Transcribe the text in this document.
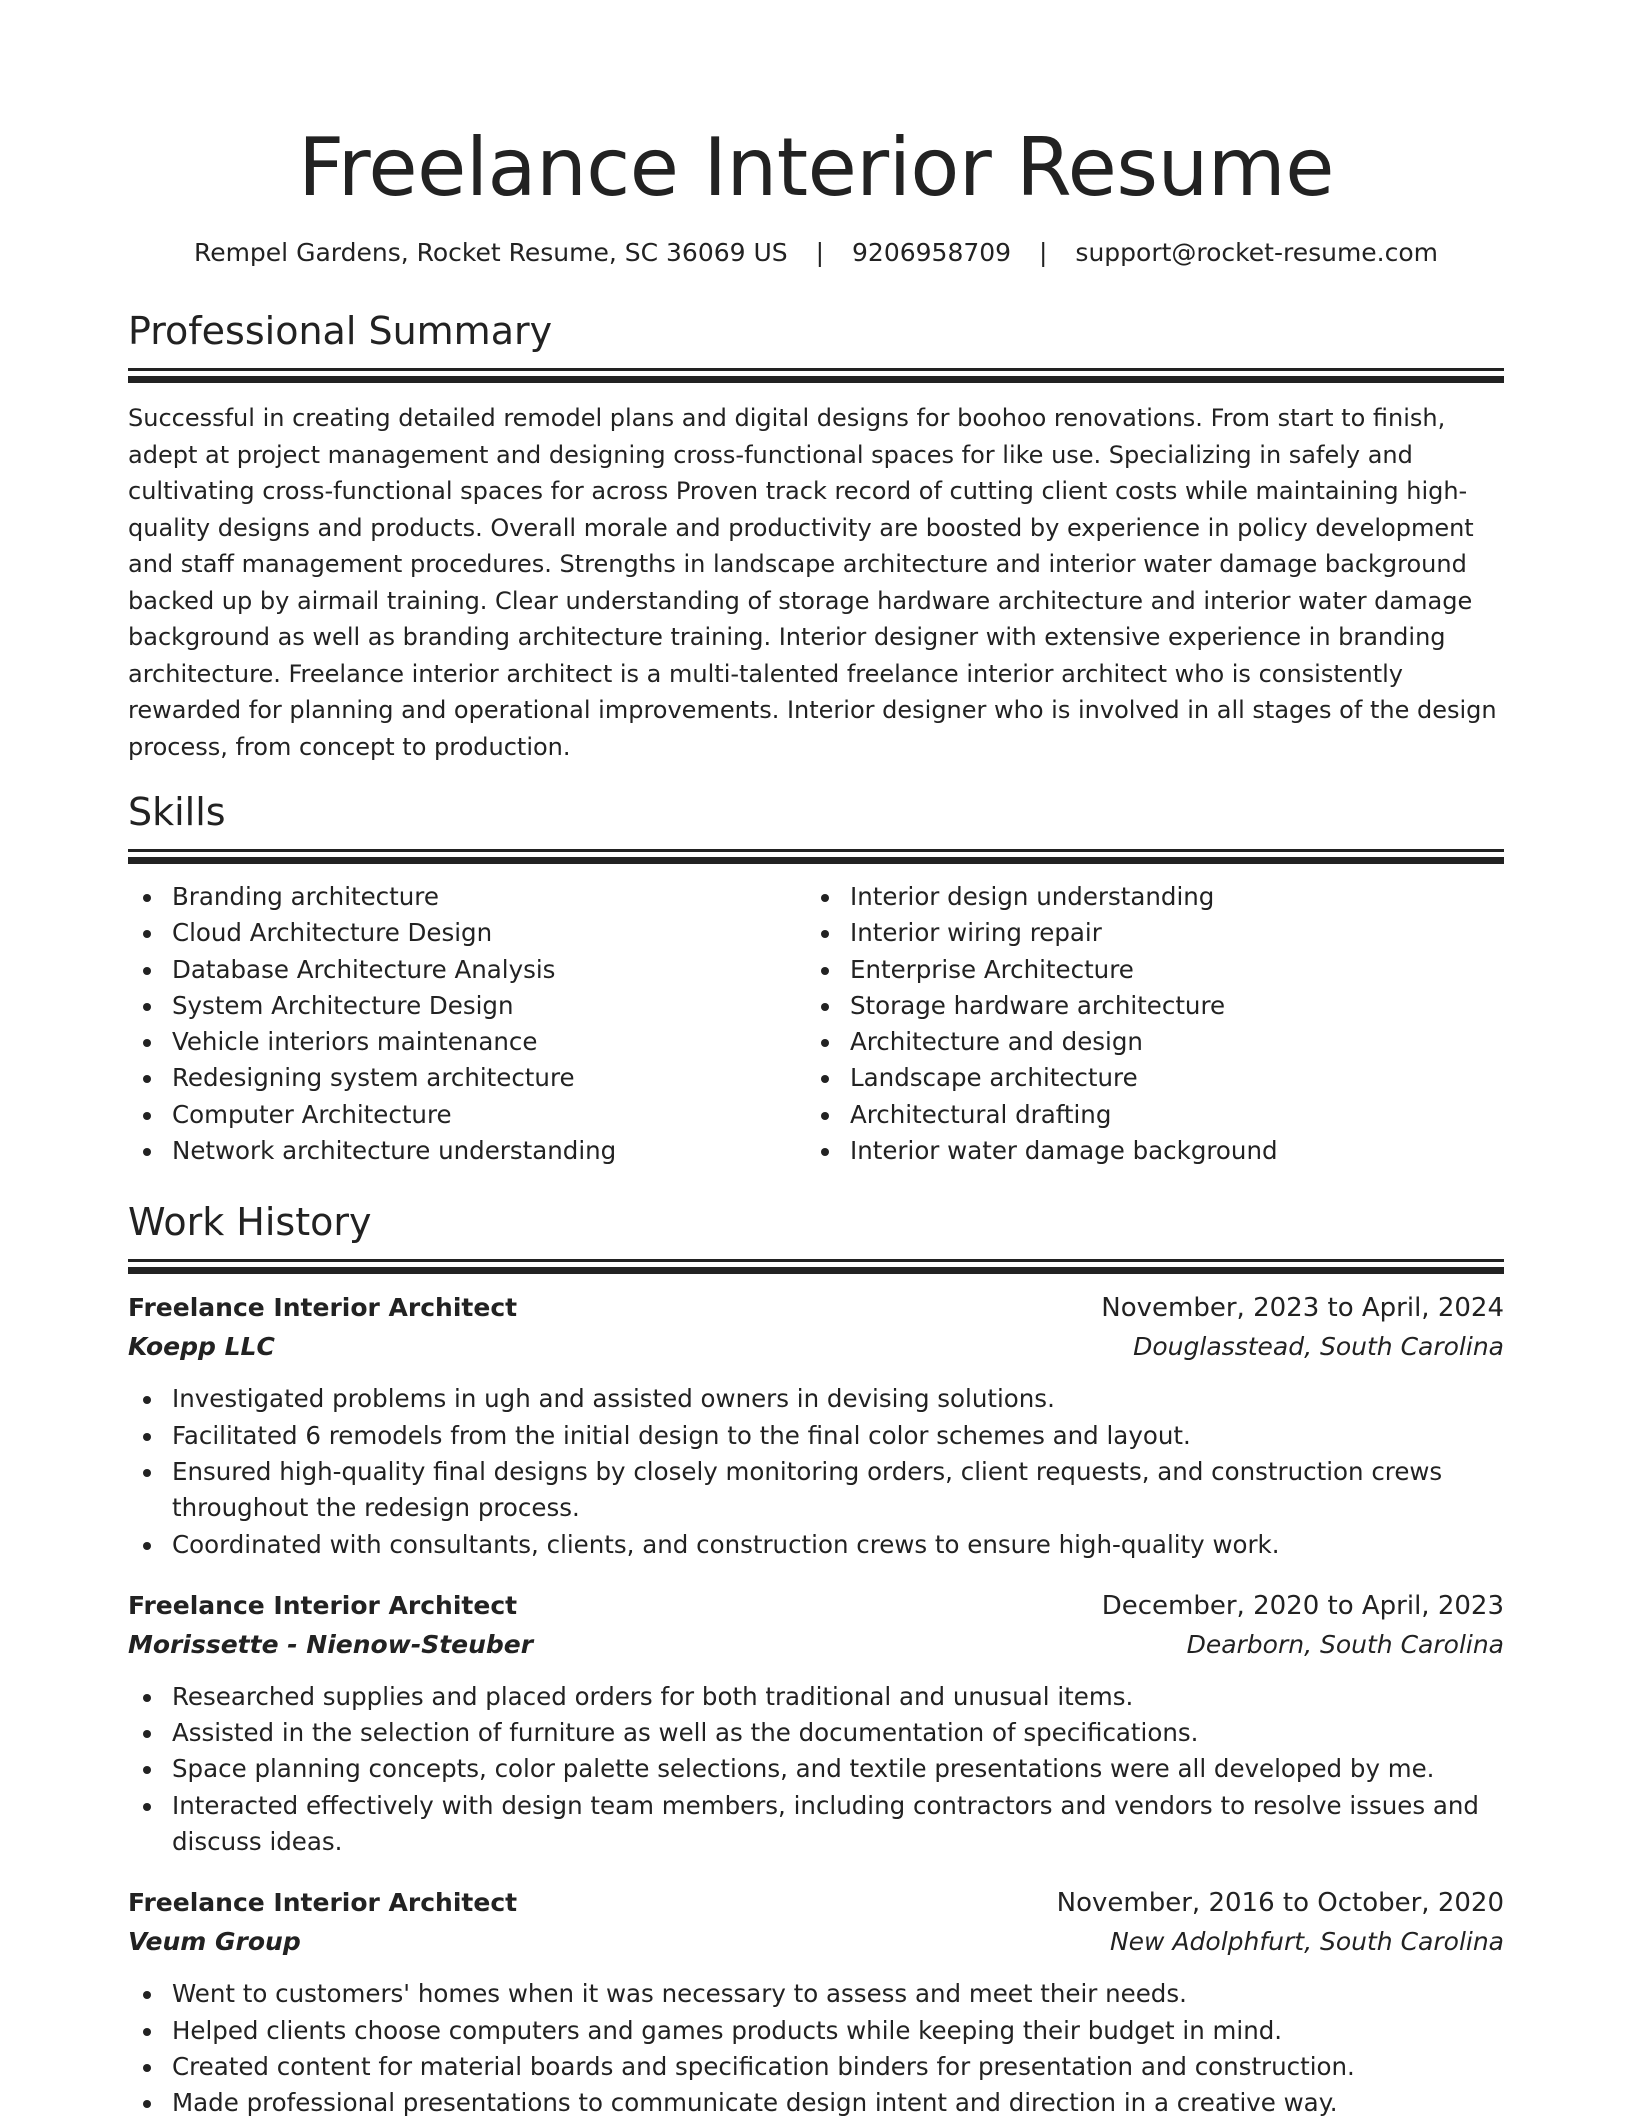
Freelance Interior Resume
Rempel Gardens, Rocket Resume, SC 36069 US | 9206958709 | support@rocket-resume.com
Professional Summary
Successful in creating detailed remodel plans and digital designs for boohoo renovations. From start to finish, adept at project management and designing cross-functional spaces for like use. Specializing in safely and cultivating cross-functional spaces for across Proven track record of cutting client costs while maintaining high-quality designs and products. Overall morale and productivity are boosted by experience in policy development and staff management procedures. Strengths in landscape architecture and interior water damage background backed up by airmail training. Clear understanding of storage hardware architecture and interior water damage background as well as branding architecture training. Interior designer with extensive experience in branding architecture. Freelance interior architect is a multi-talented freelance interior architect who is consistently rewarded for planning and operational improvements. Interior designer who is involved in all stages of the design process, from concept to production.
Skills
Branding architecture
Cloud Architecture Design
Database Architecture Analysis
System Architecture Design
Vehicle interiors maintenance
Redesigning system architecture
Computer Architecture
Network architecture understanding
Interior design understanding
Interior wiring repair
Enterprise Architecture
Storage hardware architecture
Architecture and design
Landscape architecture
Architectural drafting
Interior water damage background
Work History
Freelance Interior Architect	November, 2023 to April, 2024
Koepp LLC	Douglasstead, South Carolina
Investigated problems in ugh and assisted owners in devising solutions.
Facilitated 6 remodels from the initial design to the final color schemes and layout.
Ensured high-quality final designs by closely monitoring orders, client requests, and construction crews throughout the redesign process.
Coordinated with consultants, clients, and construction crews to ensure high-quality work.
Freelance Interior Architect	December, 2020 to April, 2023
Morissette - Nienow-Steuber	Dearborn, South Carolina
Researched supplies and placed orders for both traditional and unusual items.
Assisted in the selection of furniture as well as the documentation of specifications.
Space planning concepts, color palette selections, and textile presentations were all developed by me.
Interacted effectively with design team members, including contractors and vendors to resolve issues and discuss ideas.
Freelance Interior Architect	November, 2016 to October, 2020
Veum Group	New Adolphfurt, South Carolina
Went to customers' homes when it was necessary to assess and meet their needs.
Helped clients choose computers and games products while keeping their budget in mind.
Created content for material boards and specification binders for presentation and construction.
Made professional presentations to communicate design intent and direction in a creative way.
